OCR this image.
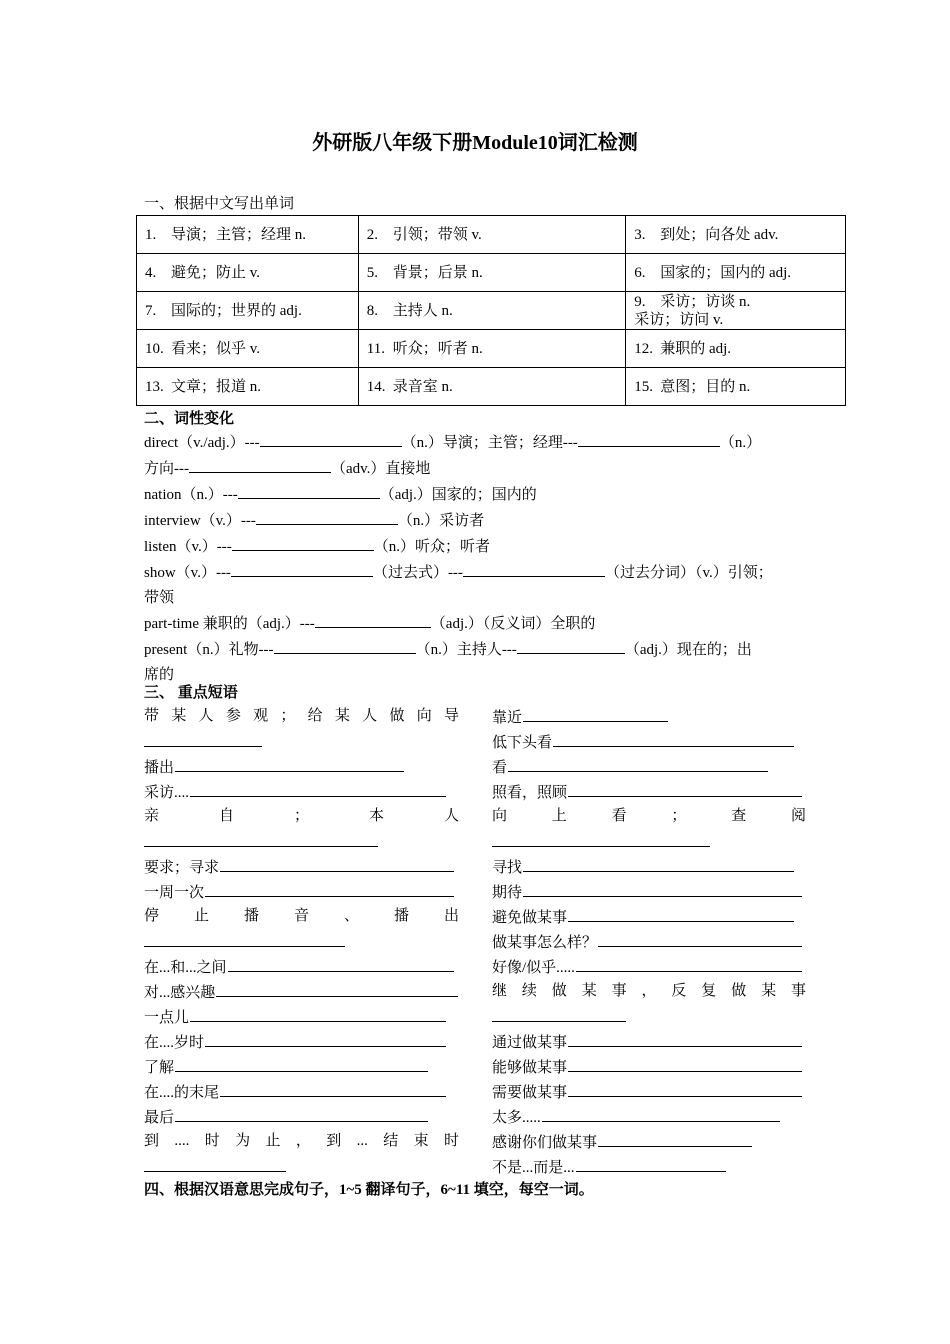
外研版八年级下册Module10词汇检测
一、根据中文写出单词
1. 导演；主管；经理 n.	2. 引领；带领 v.	3. 到处；向各处 adv.
4. 避免；防止 v.	5. 背景；后景 n.	6. 国家的；国内的 adj.
7. 国际的；世界的 adj.	8. 主持人 n.	9. 采访；访谈 n.
采访；访问 v.
10. 看来；似乎 v.	11. 听众；听者 n.	12. 兼职的 adj.
13. 文章；报道 n.	14. 录音室 n.	15. 意图；目的 n.
二、词性变化
direct（v./adj.）---	（n.）导演；主管；经理---	（n.）
方向---	（adv.）直接地
nation（n.）---	（adj.）国家的；国内的
interview（v.）---	（n.）采访者
listen（v.）---	（n.）听众；听者
show（v.）---	（过去式）---	（过去分词）（v.）引领；
带领
part-time 兼职的（adj.）---	（adj.）（反义词）全职的
present（n.）礼物---	（n.）主持人---	（adj.）现在的；出
席的
三、 重点短语
带某人参观；给某人做向导
播出
采访....
亲自；本人
要求；寻求
一周一次
停止播音、播出
在...和...之间
对...感兴趣
一点儿
在....岁时
了解
在....的末尾
最后
到....时为止，到...结束时
靠近
低下头看
看
照看，照顾
向上看；查阅
寻找
期待
避免做某事
做某事怎么样？
好像/似乎.....
继续做某事，反复做某事
通过做某事
能够做某事
需要做某事
太多.....
感谢你们做某事
不是...而是...
四、根据汉语意思完成句子，1~5 翻译句子，6~11 填空，每空一词。
